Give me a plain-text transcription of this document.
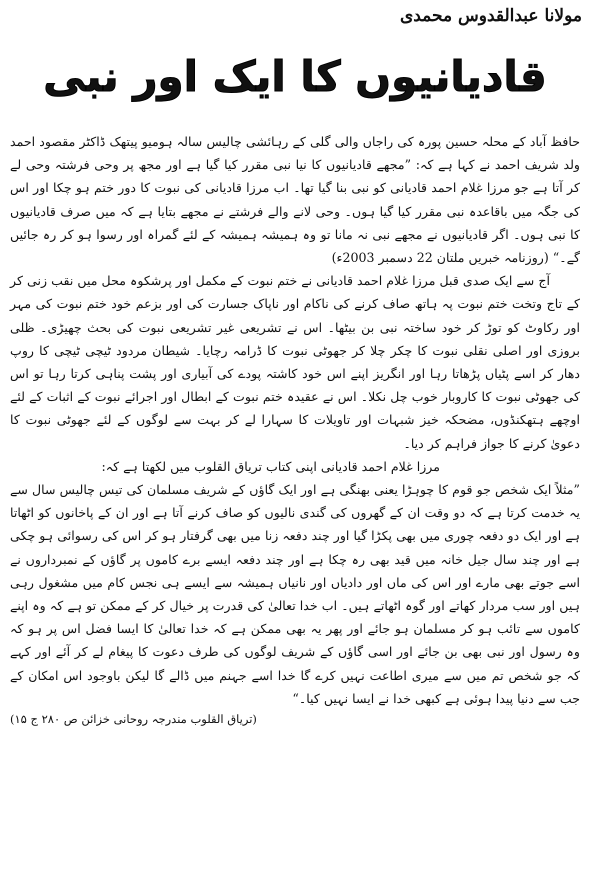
مولانا عبدالقدوس محمدی
قادیانیوں کا ایک اور نبی

حافظ آباد کے محلہ حسین پورہ کی راجاں والی گلی کے رہائشی چالیس سالہ ہومیو پیتھک ڈاکٹر مقصود احمد ولد شریف احمد نے کہا ہے کہ: ”مجھے قادیانیوں کا نیا نبی مقرر کیا گیا ہے اور مجھ پر وحی فرشتہ وحی لے کر آتا ہے جو مرزا غلام احمد قادیانی کو نبی بنا گیا تھا۔ اب مرزا قادیانی کی نبوت کا دور ختم ہو چکا اور اس کی جگہ میں باقاعدہ نبی مقرر کیا گیا ہوں۔ وحی لانے والے فرشتے نے مجھے بتایا ہے کہ میں صرف قادیانیوں کا نبی ہوں۔ اگر قادیانیوں نے مجھے نبی نہ مانا تو وہ ہمیشہ ہمیشہ کے لئے گمراہ اور رسوا ہو کر رہ جائیں گے۔“ (روزنامہ خبریں ملتان 22 دسمبر 2003ء)

آج سے ایک صدی قبل مرزا غلام احمد قادیانی نے ختم نبوت کے مکمل اور پرشکوہ محل میں نقب زنی کر کے تاج وتخت ختم نبوت پہ ہاتھ صاف کرنے کی ناکام اور ناپاک جسارت کی اور بزعم خود ختم نبوت کی مہر اور رکاوٹ کو توڑ کر خود ساختہ نبی بن بیٹھا۔ اس نے تشریعی غیر تشریعی نبوت کی بحث چھیڑی۔ ظلی بروزی اور اصلی نقلی نبوت کا چکر چلا کر جھوٹی نبوت کا ڈرامہ رچایا۔ شیطان مردود ٹیچی ٹیچی کا روپ دھار کر اسے پٹیاں پڑھاتا رہا اور انگریز اپنے اس خود کاشتہ پودے کی آبیاری اور پشت پناہی کرتا رہا تو اس کی جھوٹی نبوت کا کاروبار خوب چل نکلا۔ اس نے عقیدہ ختم نبوت کے ابطال اور اجرائے نبوت کے اثبات کے لئے اوچھے ہتھکنڈوں، مضحکہ خیز شبہات اور تاویلات کا سہارا لے کر بہت سے لوگوں کے لئے جھوٹی نبوت کا دعویٰ کرنے کا جواز فراہم کر دیا۔

مرزا غلام احمد قادیانی اپنی کتاب تریاق القلوب میں لکھتا ہے کہ:

”مثلاً ایک شخص جو قوم کا چوہڑا یعنی بھنگی ہے اور ایک گاؤں کے شریف مسلمان کی تیس چالیس سال سے یہ خدمت کرتا ہے کہ دو وقت ان کے گھروں کی گندی نالیوں کو صاف کرنے آتا ہے اور ان کے پاخانوں کو اٹھاتا ہے اور ایک دو دفعہ چوری میں بھی پکڑا گیا اور چند دفعہ زنا میں بھی گرفتار ہو کر اس کی رسوائی ہو چکی ہے اور چند سال جیل خانہ میں قید بھی رہ چکا ہے اور چند دفعہ ایسے برے کاموں پر گاؤں کے نمبرداروں نے اسے جوتے بھی مارے اور اس کی ماں اور دادیاں اور نانیاں ہمیشہ سے ایسے ہی نجس کام میں مشغول رہی ہیں اور سب مردار کھاتے اور گوہ اٹھاتے ہیں۔ اب خدا تعالیٰ کی قدرت پر خیال کر کے ممکن تو ہے کہ وہ اپنے کاموں سے تائب ہو کر مسلمان ہو جائے اور پھر یہ بھی ممکن ہے کہ خدا تعالیٰ کا ایسا فضل اس پر ہو کہ وہ رسول اور نبی بھی بن جائے اور اسی گاؤں کے شریف لوگوں کی طرف دعوت کا پیغام لے کر آئے اور کہے کہ جو شخص تم میں سے میری اطاعت نہیں کرے گا خدا اسے جہنم میں ڈالے گا لیکن باوجود اس امکان کے جب سے دنیا پیدا ہوئی ہے کبھی خدا نے ایسا نہیں کیا۔“

(تریاق القلوب مندرجہ روحانی خزائن ص ۲۸۰ ج ۱۵)
